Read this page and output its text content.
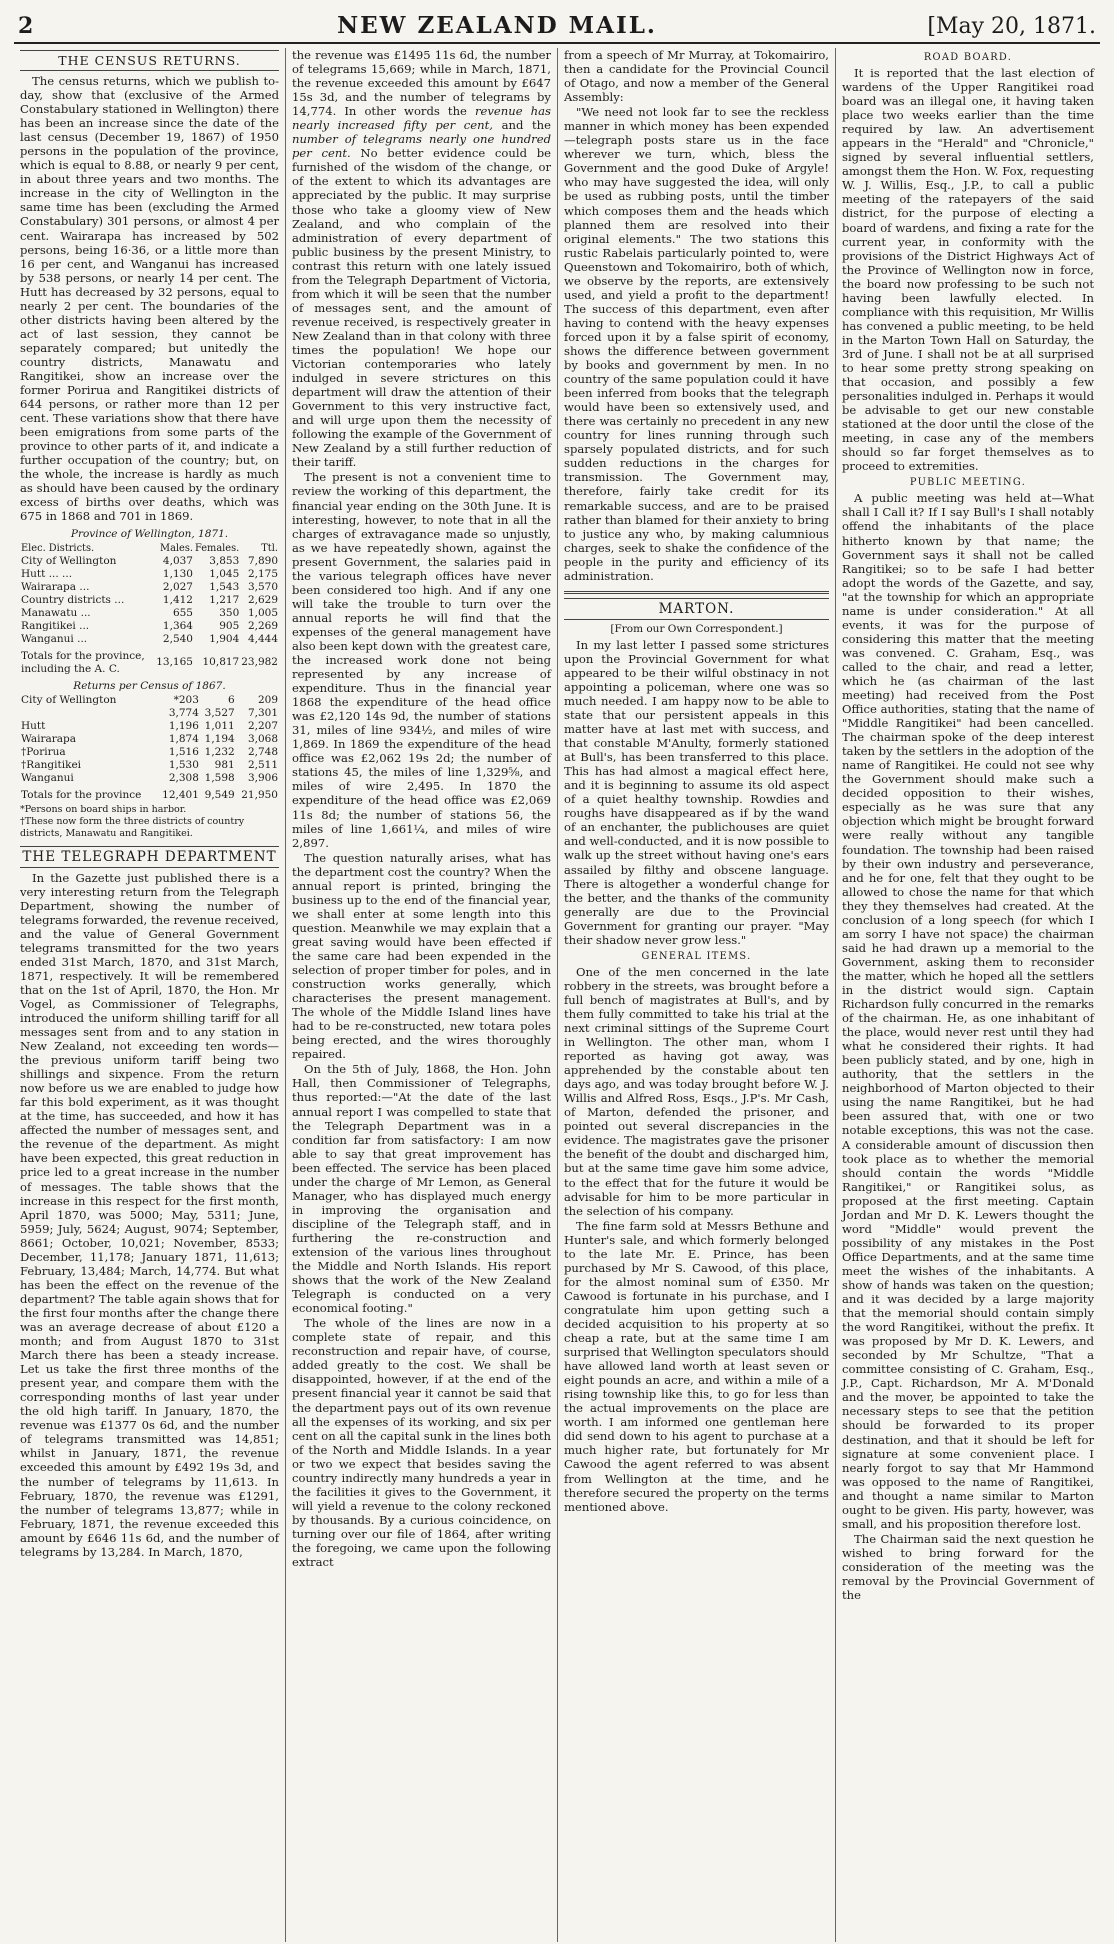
2	NEW ZEALAND MAIL.	[May 20, 1871.
THE CENSUS RETURNS.

The census returns, which we publish to-day, show that (exclusive of the Armed Constabulary stationed in Wellington) there has been an increase since the date of the last census (December 19, 1867) of 1950 persons in the population of the province, which is equal to 8.88, or nearly 9 per cent, in about three years and two months. The increase in the city of Wellington in the same time has been (excluding the Armed Constabulary) 301 persons, or almost 4 per cent. Wairarapa has increased by 502 persons, being 16·36, or a little more than 16 per cent, and Wanganui has increased by 538 persons, or nearly 14 per cent. The Hutt has decreased by 32 persons, equal to nearly 2 per cent. The boundaries of the other districts having been altered by the act of last session, they cannot be separately compared; but unitedly the country districts, Manawatu and Rangitikei, show an increase over the former Porirua and Rangitikei districts of 644 persons, or rather more than 12 per cent. These variations show that there have been emigrations from some parts of the province to other parts of it, and indicate a further occupation of the country; but, on the whole, the increase is hardly as much as should have been caused by the ordinary excess of births over deaths, which was 675 in 1868 and 701 in 1869.

Province of Wellington, 1871.
Elec. Districts.	Males.	Females.	Ttl.
City of Wellington	4,037	3,853	7,890
Hutt ... ...	1,130	1,045	2,175
Wairarapa ...	2,027	1,543	3,570
Country districts ...	1,412	1,217	2,629
Manawatu ...	655	350	1,005
Rangitikei ...	1,364	905	2,269
Wanganui ...	2,540	1,904	4,444
Totals for the province, including the A. C.	13,165	10,817	23,982
Returns per Census of 1867.
City of Wellington	*203	6	209
	3,774	3,527	7,301
Hutt	1,196	1,011	2,207
Wairarapa	1,874	1,194	3,068
†Porirua	1,516	1,232	2,748
†Rangitikei	1,530	981	2,511
Wanganui	2,308	1,598	3,906
Totals for the province	12,401	9,549	21,950
*Persons on board ships in harbor.
†These now form the three districts of country districts, Manawatu and Rangitikei.
THE TELEGRAPH DEPARTMENT

In the Gazette just published there is a very interesting return from the Telegraph Department, showing the number of telegrams forwarded, the revenue received, and the value of General Government telegrams transmitted for the two years ended 31st March, 1870, and 31st March, 1871, respectively. It will be remembered that on the 1st of April, 1870, the Hon. Mr Vogel, as Commissioner of Telegraphs, introduced the uniform shilling tariff for all messages sent from and to any station in New Zealand, not exceeding ten words—the previous uniform tariff being two shillings and sixpence. From the return now before us we are enabled to judge how far this bold experiment, as it was thought at the time, has succeeded, and how it has affected the number of messages sent, and the revenue of the department. As might have been expected, this great reduction in price led to a great increase in the number of messages. The table shows that the increase in this respect for the first month, April 1870, was 5000; May, 5311; June, 5959; July, 5624; August, 9074; September, 8661; October, 10,021; November, 8533; December, 11,178; January 1871, 11,613; February, 13,484; March, 14,774. But what has been the effect on the revenue of the department? The table again shows that for the first four months after the change there was an average decrease of about £120 a month; and from August 1870 to 31st March there has been a steady increase. Let us take the first three months of the present year, and compare them with the corresponding months of last year under the old high tariff. In January, 1870, the revenue was £1377 0s 6d, and the number of telegrams transmitted was 14,851; whilst in January, 1871, the revenue exceeded this amount by £492 19s 3d, and the number of telegrams by 11,613. In February, 1870, the revenue was £1291, the number of telegrams 13,877; while in February, 1871, the revenue exceeded this amount by £646 11s 6d, and the number of telegrams by 13,284. In March, 1870,

the revenue was £1495 11s 6d, the number of telegrams 15,669; while in March, 1871, the revenue exceeded this amount by £647 15s 3d, and the number of telegrams by 14,774. In other words the revenue has nearly increased fifty per cent, and the number of telegrams nearly one hundred per cent. No better evidence could be furnished of the wisdom of the change, or of the extent to which its advantages are appreciated by the public. It may surprise those who take a gloomy view of New Zealand, and who complain of the administration of every department of public business by the present Ministry, to contrast this return with one lately issued from the Telegraph Department of Victoria, from which it will be seen that the number of messages sent, and the amount of revenue received, is respectively greater in New Zealand than in that colony with three times the population! We hope our Victorian contemporaries who lately indulged in severe strictures on this department will draw the attention of their Government to this very instructive fact, and will urge upon them the necessity of following the example of the Government of New Zealand by a still further reduction of their tariff.

The present is not a convenient time to review the working of this department, the financial year ending on the 30th June. It is interesting, however, to note that in all the charges of extravagance made so unjustly, as we have repeatedly shown, against the present Government, the salaries paid in the various telegraph offices have never been considered too high. And if any one will take the trouble to turn over the annual reports he will find that the expenses of the general management have also been kept down with the greatest care, the increased work done not being represented by any increase of expenditure. Thus in the financial year 1868 the expenditure of the head office was £2,120 14s 9d, the number of stations 31, miles of line 934½, and miles of wire 1,869. In 1869 the expenditure of the head office was £2,062 19s 2d; the number of stations 45, the miles of line 1,329⅝, and miles of wire 2,495. In 1870 the expenditure of the head office was £2,069 11s 8d; the number of stations 56, the miles of line 1,661¼, and miles of wire 2,897.

The question naturally arises, what has the department cost the country? When the annual report is printed, bringing the business up to the end of the financial year, we shall enter at some length into this question. Meanwhile we may explain that a great saving would have been effected if the same care had been expended in the selection of proper timber for poles, and in construction works generally, which characterises the present management. The whole of the Middle Island lines have had to be re-constructed, new totara poles being erected, and the wires thoroughly repaired.

On the 5th of July, 1868, the Hon. John Hall, then Commissioner of Telegraphs, thus reported:—"At the date of the last annual report I was compelled to state that the Telegraph Department was in a condition far from satisfactory: I am now able to say that great improvement has been effected. The service has been placed under the charge of Mr Lemon, as General Manager, who has displayed much energy in improving the organisation and discipline of the Telegraph staff, and in furthering the re-construction and extension of the various lines throughout the Middle and North Islands. His report shows that the work of the New Zealand Telegraph is conducted on a very economical footing."

The whole of the lines are now in a complete state of repair, and this reconstruction and repair have, of course, added greatly to the cost. We shall be disappointed, however, if at the end of the present financial year it cannot be said that the department pays out of its own revenue all the expenses of its working, and six per cent on all the capital sunk in the lines both of the North and Middle Islands. In a year or two we expect that besides saving the country indirectly many hundreds a year in the facilities it gives to the Government, it will yield a revenue to the colony reckoned by thousands. By a curious coincidence, on turning over our file of 1864, after writing the foregoing, we came upon the following extract

from a speech of Mr Murray, at Tokomairiro, then a candidate for the Provincial Council of Otago, and now a member of the General Assembly:

"We need not look far to see the reckless manner in which money has been expended—telegraph posts stare us in the face wherever we turn, which, bless the Government and the good Duke of Argyle! who may have suggested the idea, will only be used as rubbing posts, until the timber which composes them and the heads which planned them are resolved into their original elements." The two stations this rustic Rabelais particularly pointed to, were Queenstown and Tokomairiro, both of which, we observe by the reports, are extensively used, and yield a profit to the department! The success of this department, even after having to contend with the heavy expenses forced upon it by a false spirit of economy, shows the difference between government by books and government by men. In no country of the same population could it have been inferred from books that the telegraph would have been so extensively used, and there was certainly no precedent in any new country for lines running through such sparsely populated districts, and for such sudden reductions in the charges for transmission. The Government may, therefore, fairly take credit for its remarkable success, and are to be praised rather than blamed for their anxiety to bring to justice any who, by making calumnious charges, seek to shake the confidence of the people in the purity and efficiency of its administration.

MARTON.
[From our Own Correspondent.]

In my last letter I passed some strictures upon the Provincial Government for what appeared to be their wilful obstinacy in not appointing a policeman, where one was so much needed. I am happy now to be able to state that our persistent appeals in this matter have at last met with success, and that constable M'Anulty, formerly stationed at Bull's, has been transferred to this place. This has had almost a magical effect here, and it is beginning to assume its old aspect of a quiet healthy township. Rowdies and roughs have disappeared as if by the wand of an enchanter, the publichouses are quiet and well-conducted, and it is now possible to walk up the street without having one's ears assailed by filthy and obscene language. There is altogether a wonderful change for the better, and the thanks of the community generally are due to the Provincial Government for granting our prayer. "May their shadow never grow less."

GENERAL ITEMS.

One of the men concerned in the late robbery in the streets, was brought before a full bench of magistrates at Bull's, and by them fully committed to take his trial at the next criminal sittings of the Supreme Court in Wellington. The other man, whom I reported as having got away, was apprehended by the constable about ten days ago, and was today brought before W. J. Willis and Alfred Ross, Esqs., J.P's. Mr Cash, of Marton, defended the prisoner, and pointed out several discrepancies in the evidence. The magistrates gave the prisoner the benefit of the doubt and discharged him, but at the same time gave him some advice, to the effect that for the future it would be advisable for him to be more particular in the selection of his company.

The fine farm sold at Messrs Bethune and Hunter's sale, and which formerly belonged to the late Mr. E. Prince, has been purchased by Mr S. Cawood, of this place, for the almost nominal sum of £350. Mr Cawood is fortunate in his purchase, and I congratulate him upon getting such a decided acquisition to his property at so cheap a rate, but at the same time I am surprised that Wellington speculators should have allowed land worth at least seven or eight pounds an acre, and within a mile of a rising township like this, to go for less than the actual improvements on the place are worth. I am informed one gentleman here did send down to his agent to purchase at a much higher rate, but fortunately for Mr Cawood the agent referred to was absent from Wellington at the time, and he therefore secured the property on the terms mentioned above.

ROAD BOARD.

It is reported that the last election of wardens of the Upper Rangitikei road board was an illegal one, it having taken place two weeks earlier than the time required by law. An advertisement appears in the "Herald" and "Chronicle," signed by several influential settlers, amongst them the Hon. W. Fox, requesting W. J. Willis, Esq., J.P., to call a public meeting of the ratepayers of the said district, for the purpose of electing a board of wardens, and fixing a rate for the current year, in conformity with the provisions of the District Highways Act of the Province of Wellington now in force, the board now professing to be such not having been lawfully elected. In compliance with this requisition, Mr Willis has convened a public meeting, to be held in the Marton Town Hall on Saturday, the 3rd of June. I shall not be at all surprised to hear some pretty strong speaking on that occasion, and possibly a few personalities indulged in. Perhaps it would be advisable to get our new constable stationed at the door until the close of the meeting, in case any of the members should so far forget themselves as to proceed to extremities.

PUBLIC MEETING.

A public meeting was held at—What shall I Call it? If I say Bull's I shall notably offend the inhabitants of the place hitherto known by that name; the Government says it shall not be called Rangitikei; so to be safe I had better adopt the words of the Gazette, and say, "at the township for which an appropriate name is under consideration." At all events, it was for the purpose of considering this matter that the meeting was convened. C. Graham, Esq., was called to the chair, and read a letter, which he (as chairman of the last meeting) had received from the Post Office authorities, stating that the name of "Middle Rangitikei" had been cancelled. The chairman spoke of the deep interest taken by the settlers in the adoption of the name of Rangitikei. He could not see why the Government should make such a decided opposition to their wishes, especially as he was sure that any objection which might be brought forward were really without any tangible foundation. The township had been raised by their own industry and perseverance, and he for one, felt that they ought to be allowed to chose the name for that which they they themselves had created. At the conclusion of a long speech (for which I am sorry I have not space) the chairman said he had drawn up a memorial to the Government, asking them to reconsider the matter, which he hoped all the settlers in the district would sign. Captain Richardson fully concurred in the remarks of the chairman. He, as one inhabitant of the place, would never rest until they had what he considered their rights. It had been publicly stated, and by one, high in authority, that the settlers in the neighborhood of Marton objected to their using the name Rangitikei, but he had been assured that, with one or two notable exceptions, this was not the case. A considerable amount of discussion then took place as to whether the memorial should contain the words "Middle Rangitikei," or Rangitikei solus, as proposed at the first meeting. Captain Jordan and Mr D. K. Lewers thought the word "Middle" would prevent the possibility of any mistakes in the Post Office Departments, and at the same time meet the wishes of the inhabitants. A show of hands was taken on the question; and it was decided by a large majority that the memorial should contain simply the word Rangitikei, without the prefix. It was proposed by Mr D. K. Lewers, and seconded by Mr Schultze, "That a committee consisting of C. Graham, Esq., J.P., Capt. Richardson, Mr A. M'Donald and the mover, be appointed to take the necessary steps to see that the petition should be forwarded to its proper destination, and that it should be left for signature at some convenient place. I nearly forgot to say that Mr Hammond was opposed to the name of Rangitikei, and thought a name similar to Marton ought to be given. His party, however, was small, and his proposition therefore lost.

The Chairman said the next question he wished to bring forward for the consideration of the meeting was the removal by the Provincial Government of the
